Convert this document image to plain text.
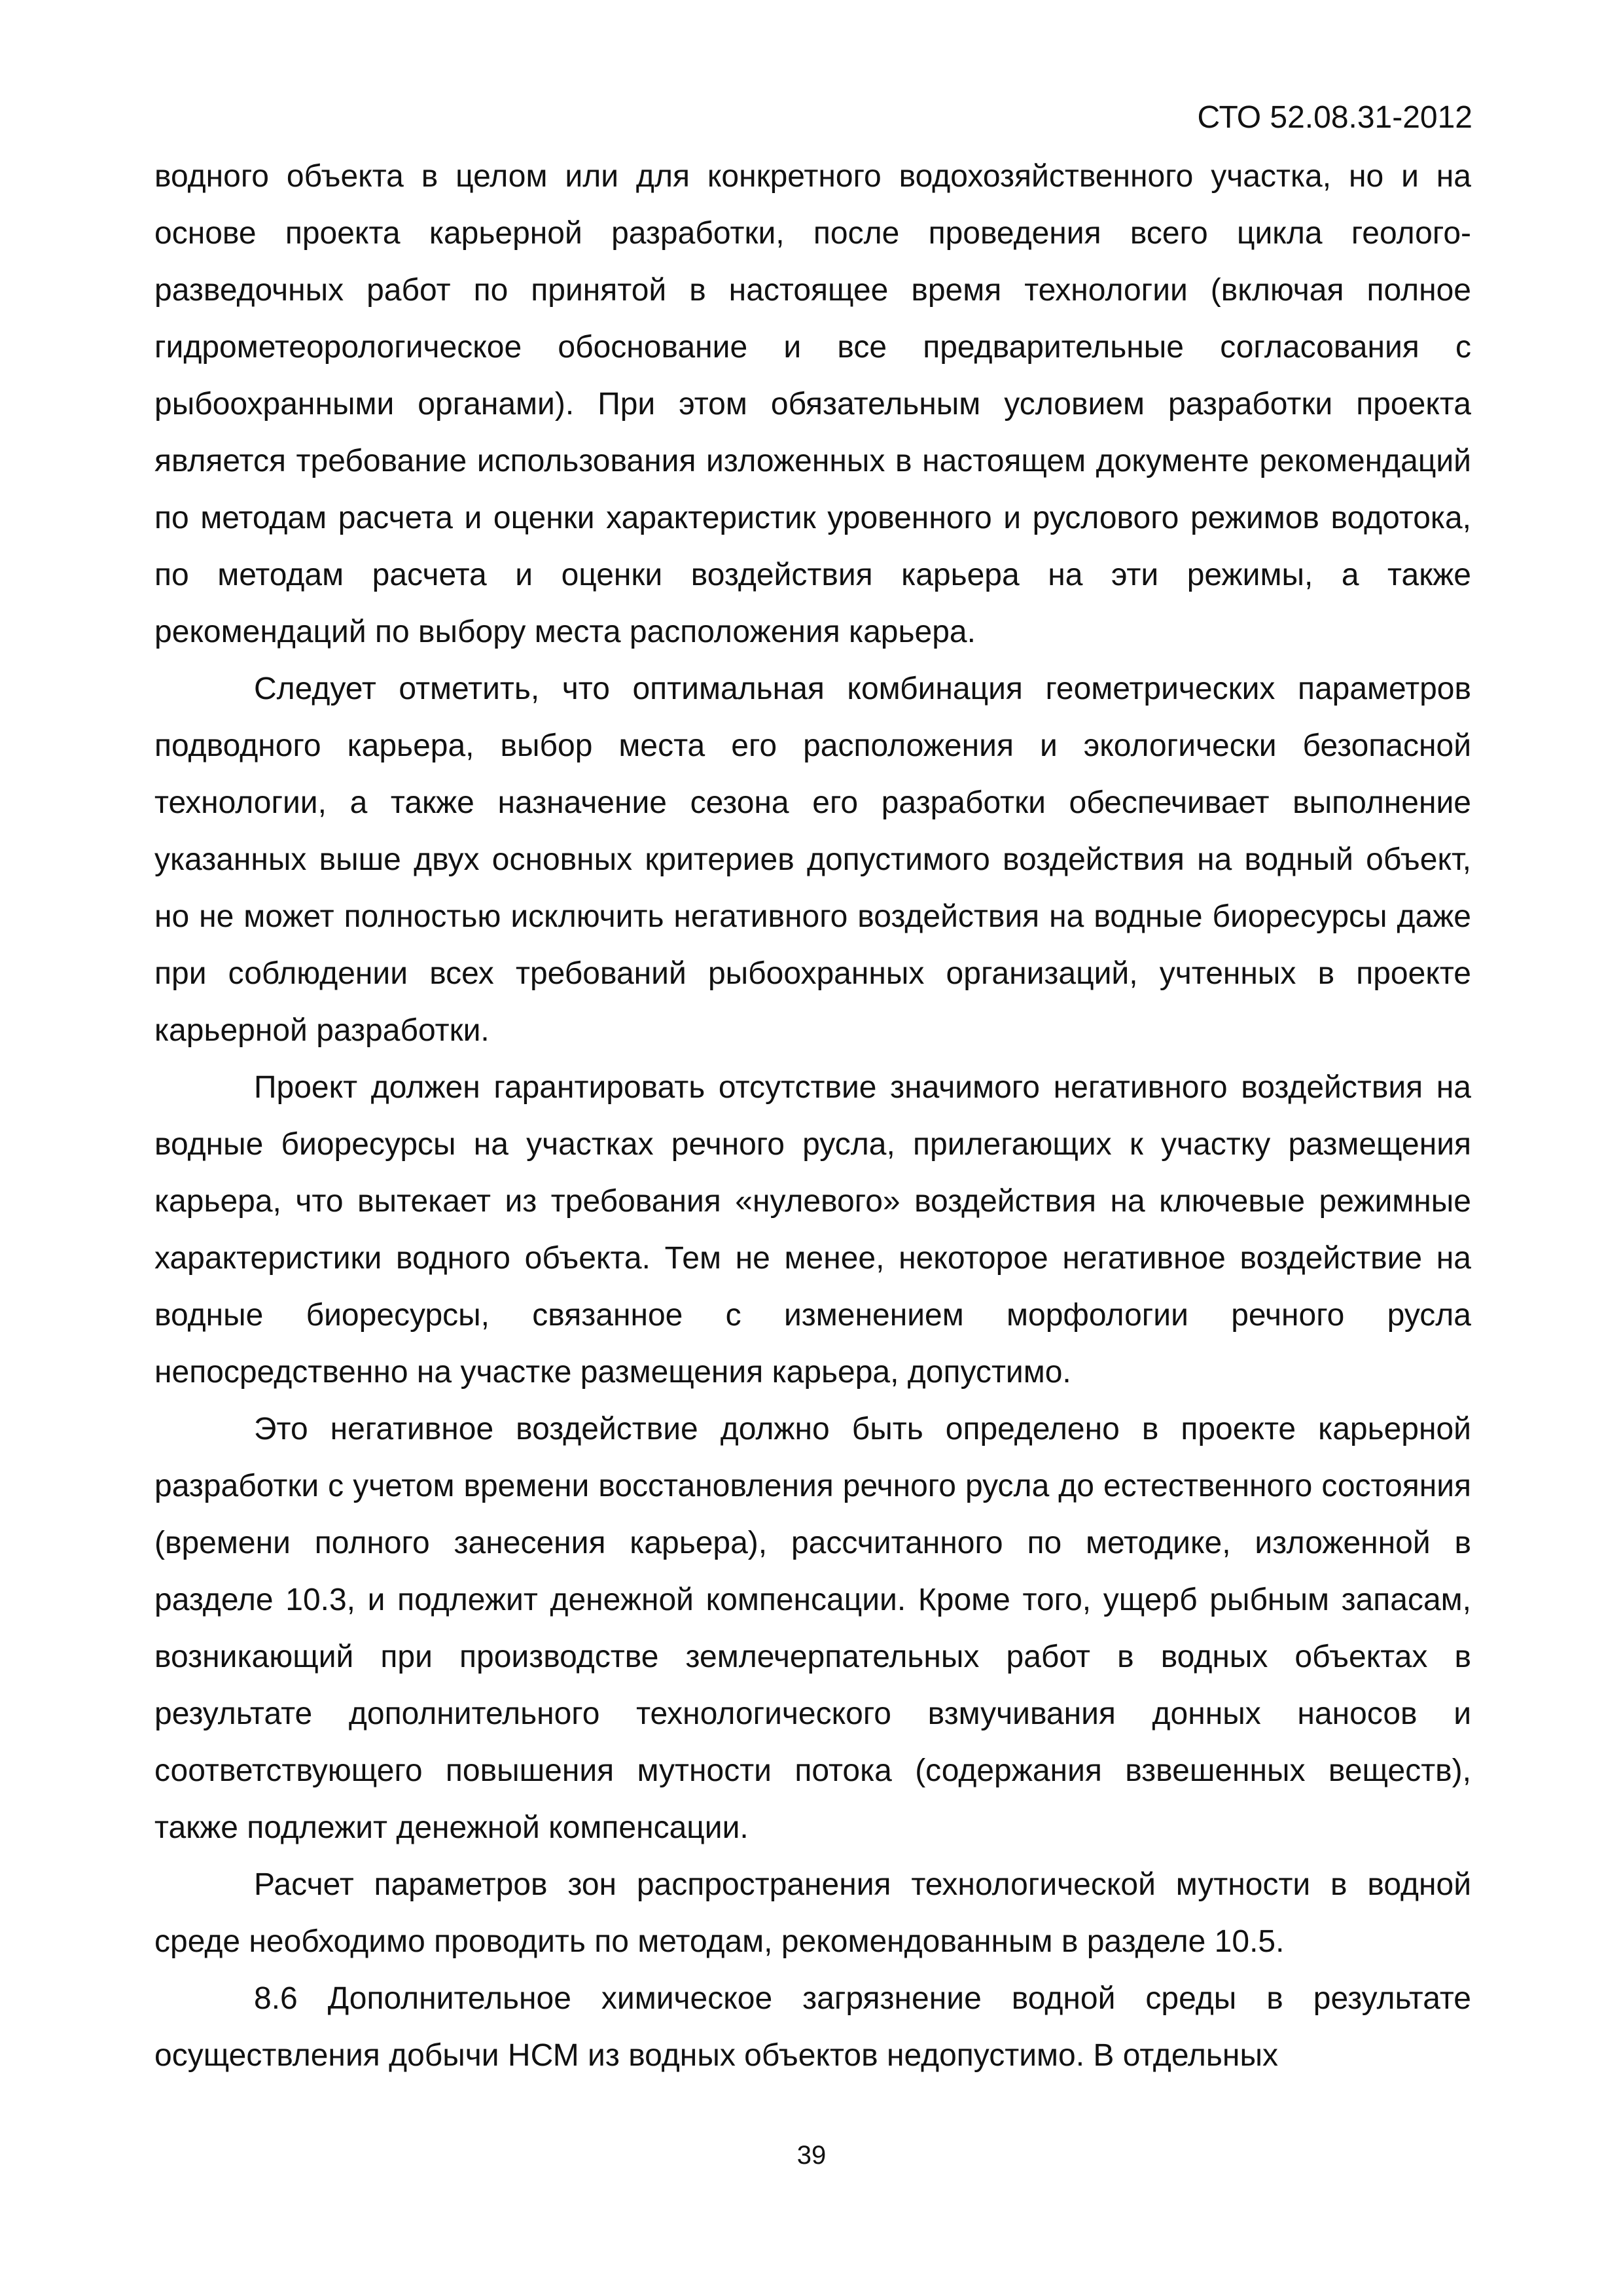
СТО 52.08.31-2012

водного объекта в целом или для конкретного водохозяйственного участка, но и на основе проекта карьерной разработки, после проведения всего цикла геолого-разведочных работ по принятой в настоящее время технологии (включая полное гидрометеорологическое обоснование и все предварительные согласования с рыбоохранными органами). При этом обязательным условием разработки проекта является требование использования изложенных в настоящем документе рекомендаций по методам расчета и оценки характеристик уровенного и руслового режимов водотока, по методам расчета и оценки воздействия карьера на эти режимы, а также рекомендаций по выбору места расположения карьера.

Следует отметить, что оптимальная комбинация геометрических параметров подводного карьера, выбор места его расположения и экологически безопасной технологии, а также назначение сезона его разработки обеспечивает выполнение указанных выше двух основных критериев допустимого воздействия на водный объект, но не может полностью исключить негативного воздействия на водные биоресурсы даже при соблюдении всех требований рыбоохранных организаций, учтенных в проекте карьерной разработки.

Проект должен гарантировать отсутствие значимого негативного воздействия на водные биоресурсы на участках речного русла, прилегающих к участку размещения карьера, что вытекает из требования «нулевого» воздействия на ключевые режимные характеристики водного объекта. Тем не менее, некоторое негативное воздействие на водные биоресурсы, связанное с изменением морфологии речного русла непосредственно на участке размещения карьера, допустимо.

Это негативное воздействие должно быть определено в проекте карьерной разработки с учетом времени восстановления речного русла до естественного состояния (времени полного занесения карьера), рассчитанного по методике, изложенной в разделе 10.3, и подлежит денежной компенсации. Кроме того, ущерб рыбным запасам, возникающий при производстве землечерпательных работ в водных объектах в результате дополнительного технологического взмучивания донных наносов и соответствующего повышения мутности потока (содержания взвешенных веществ), также подлежит денежной компенсации.

Расчет параметров зон распространения технологической мутности в водной среде необходимо проводить по методам, рекомендованным в разделе 10.5.

8.6 Дополнительное химическое загрязнение водной среды в результате осуществления добычи НСМ из водных объектов недопустимо. В отдельных

39
